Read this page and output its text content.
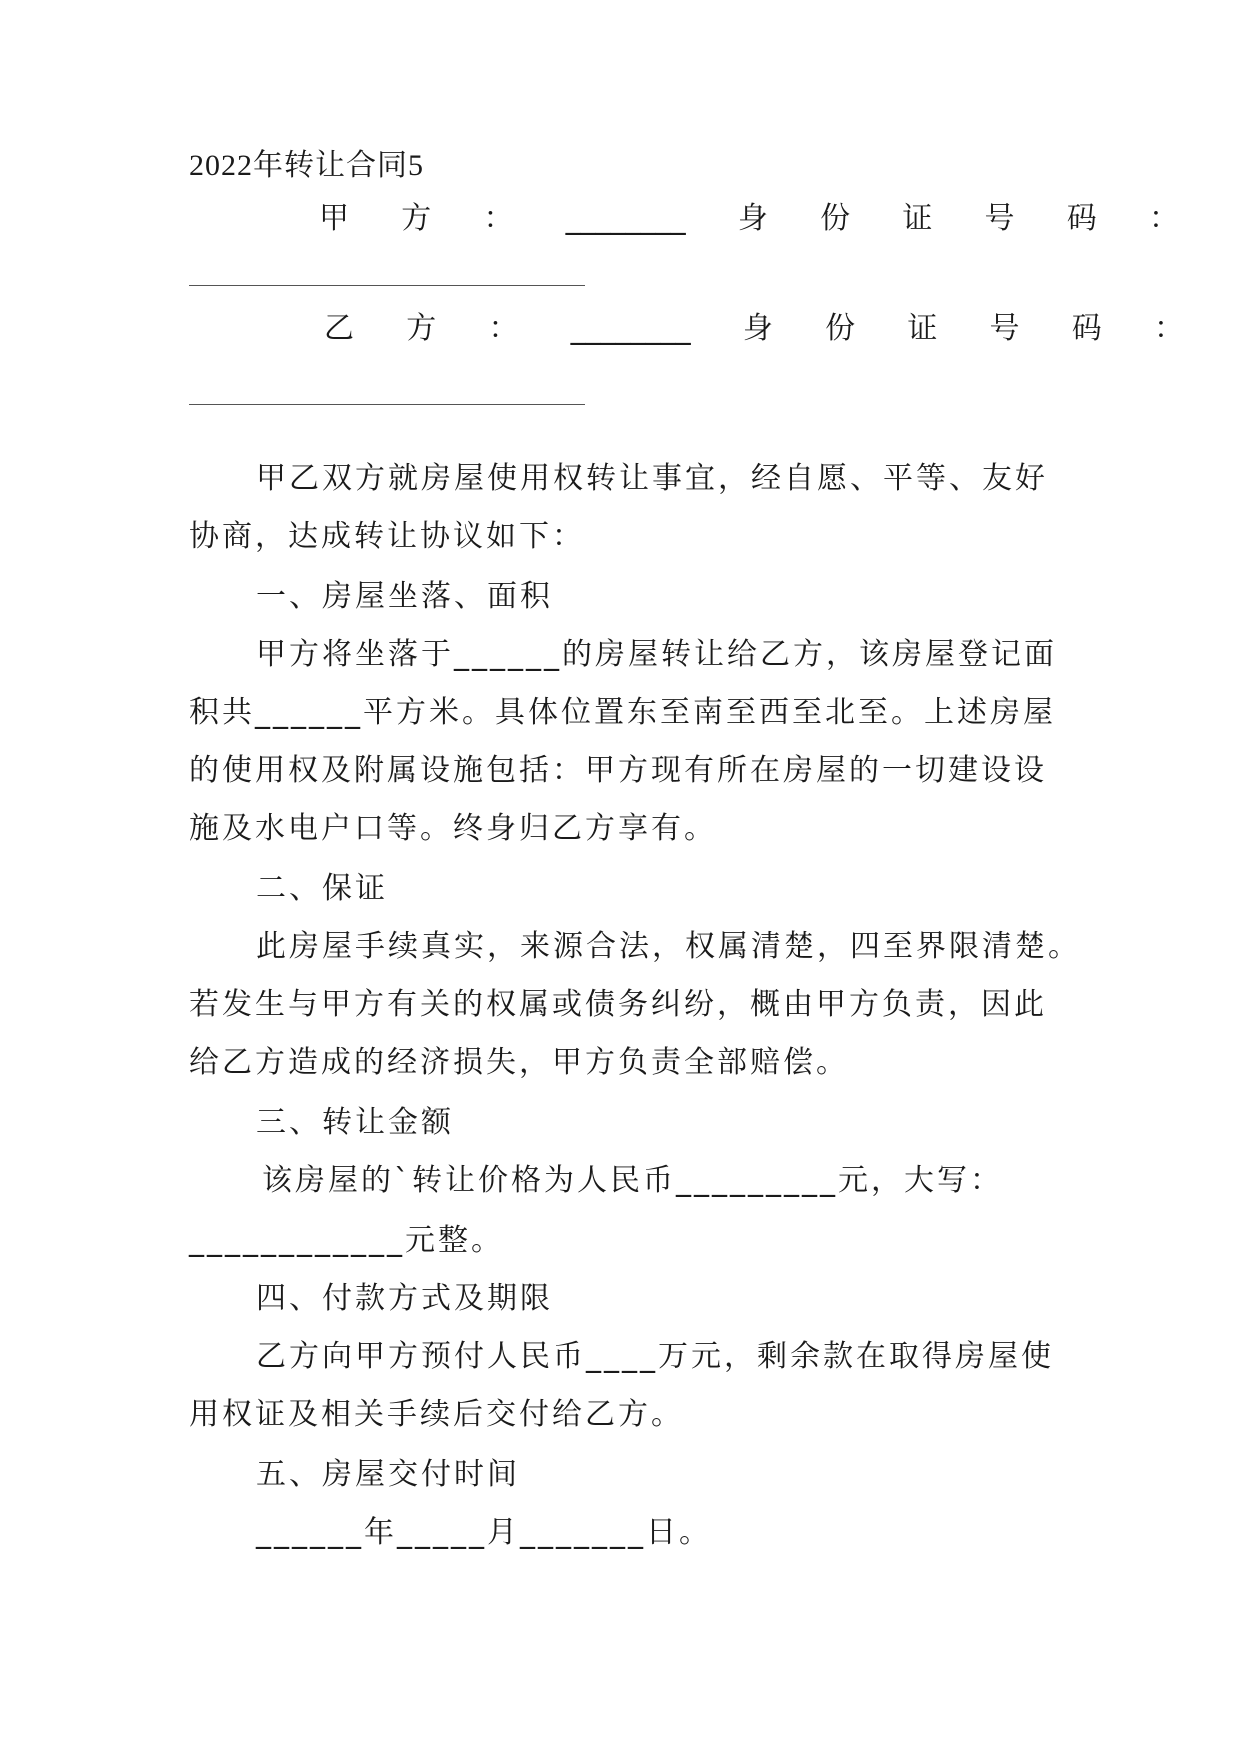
2022年转让合同5
甲 方 ： ________ 身 份 证 号 码 ：
乙 方 ： ________ 身 份 证 号 码 ：
甲乙双方就房屋使用权转让事宜，经自愿、平等、友好
协商，达成转让协议如下：
一、房屋坐落、面积
甲方将坐落于______的房屋转让给乙方，该房屋登记面
积共______平方米。具体位置东至南至西至北至。上述房屋
的使用权及附属设施包括：甲方现有所在房屋的一切建设设
施及水电户口等。终身归乙方享有。
二、保证
此房屋手续真实，来源合法，权属清楚，四至界限清楚。
若发生与甲方有关的权属或债务纠纷，概由甲方负责，因此
给乙方造成的经济损失，甲方负责全部赔偿。
三、转让金额
该房屋的`转让价格为人民币_________元，大写：
____________元整。
四、付款方式及期限
乙方向甲方预付人民币____万元，剩余款在取得房屋使
用权证及相关手续后交付给乙方。
五、房屋交付时间
______年_____月_______日。
